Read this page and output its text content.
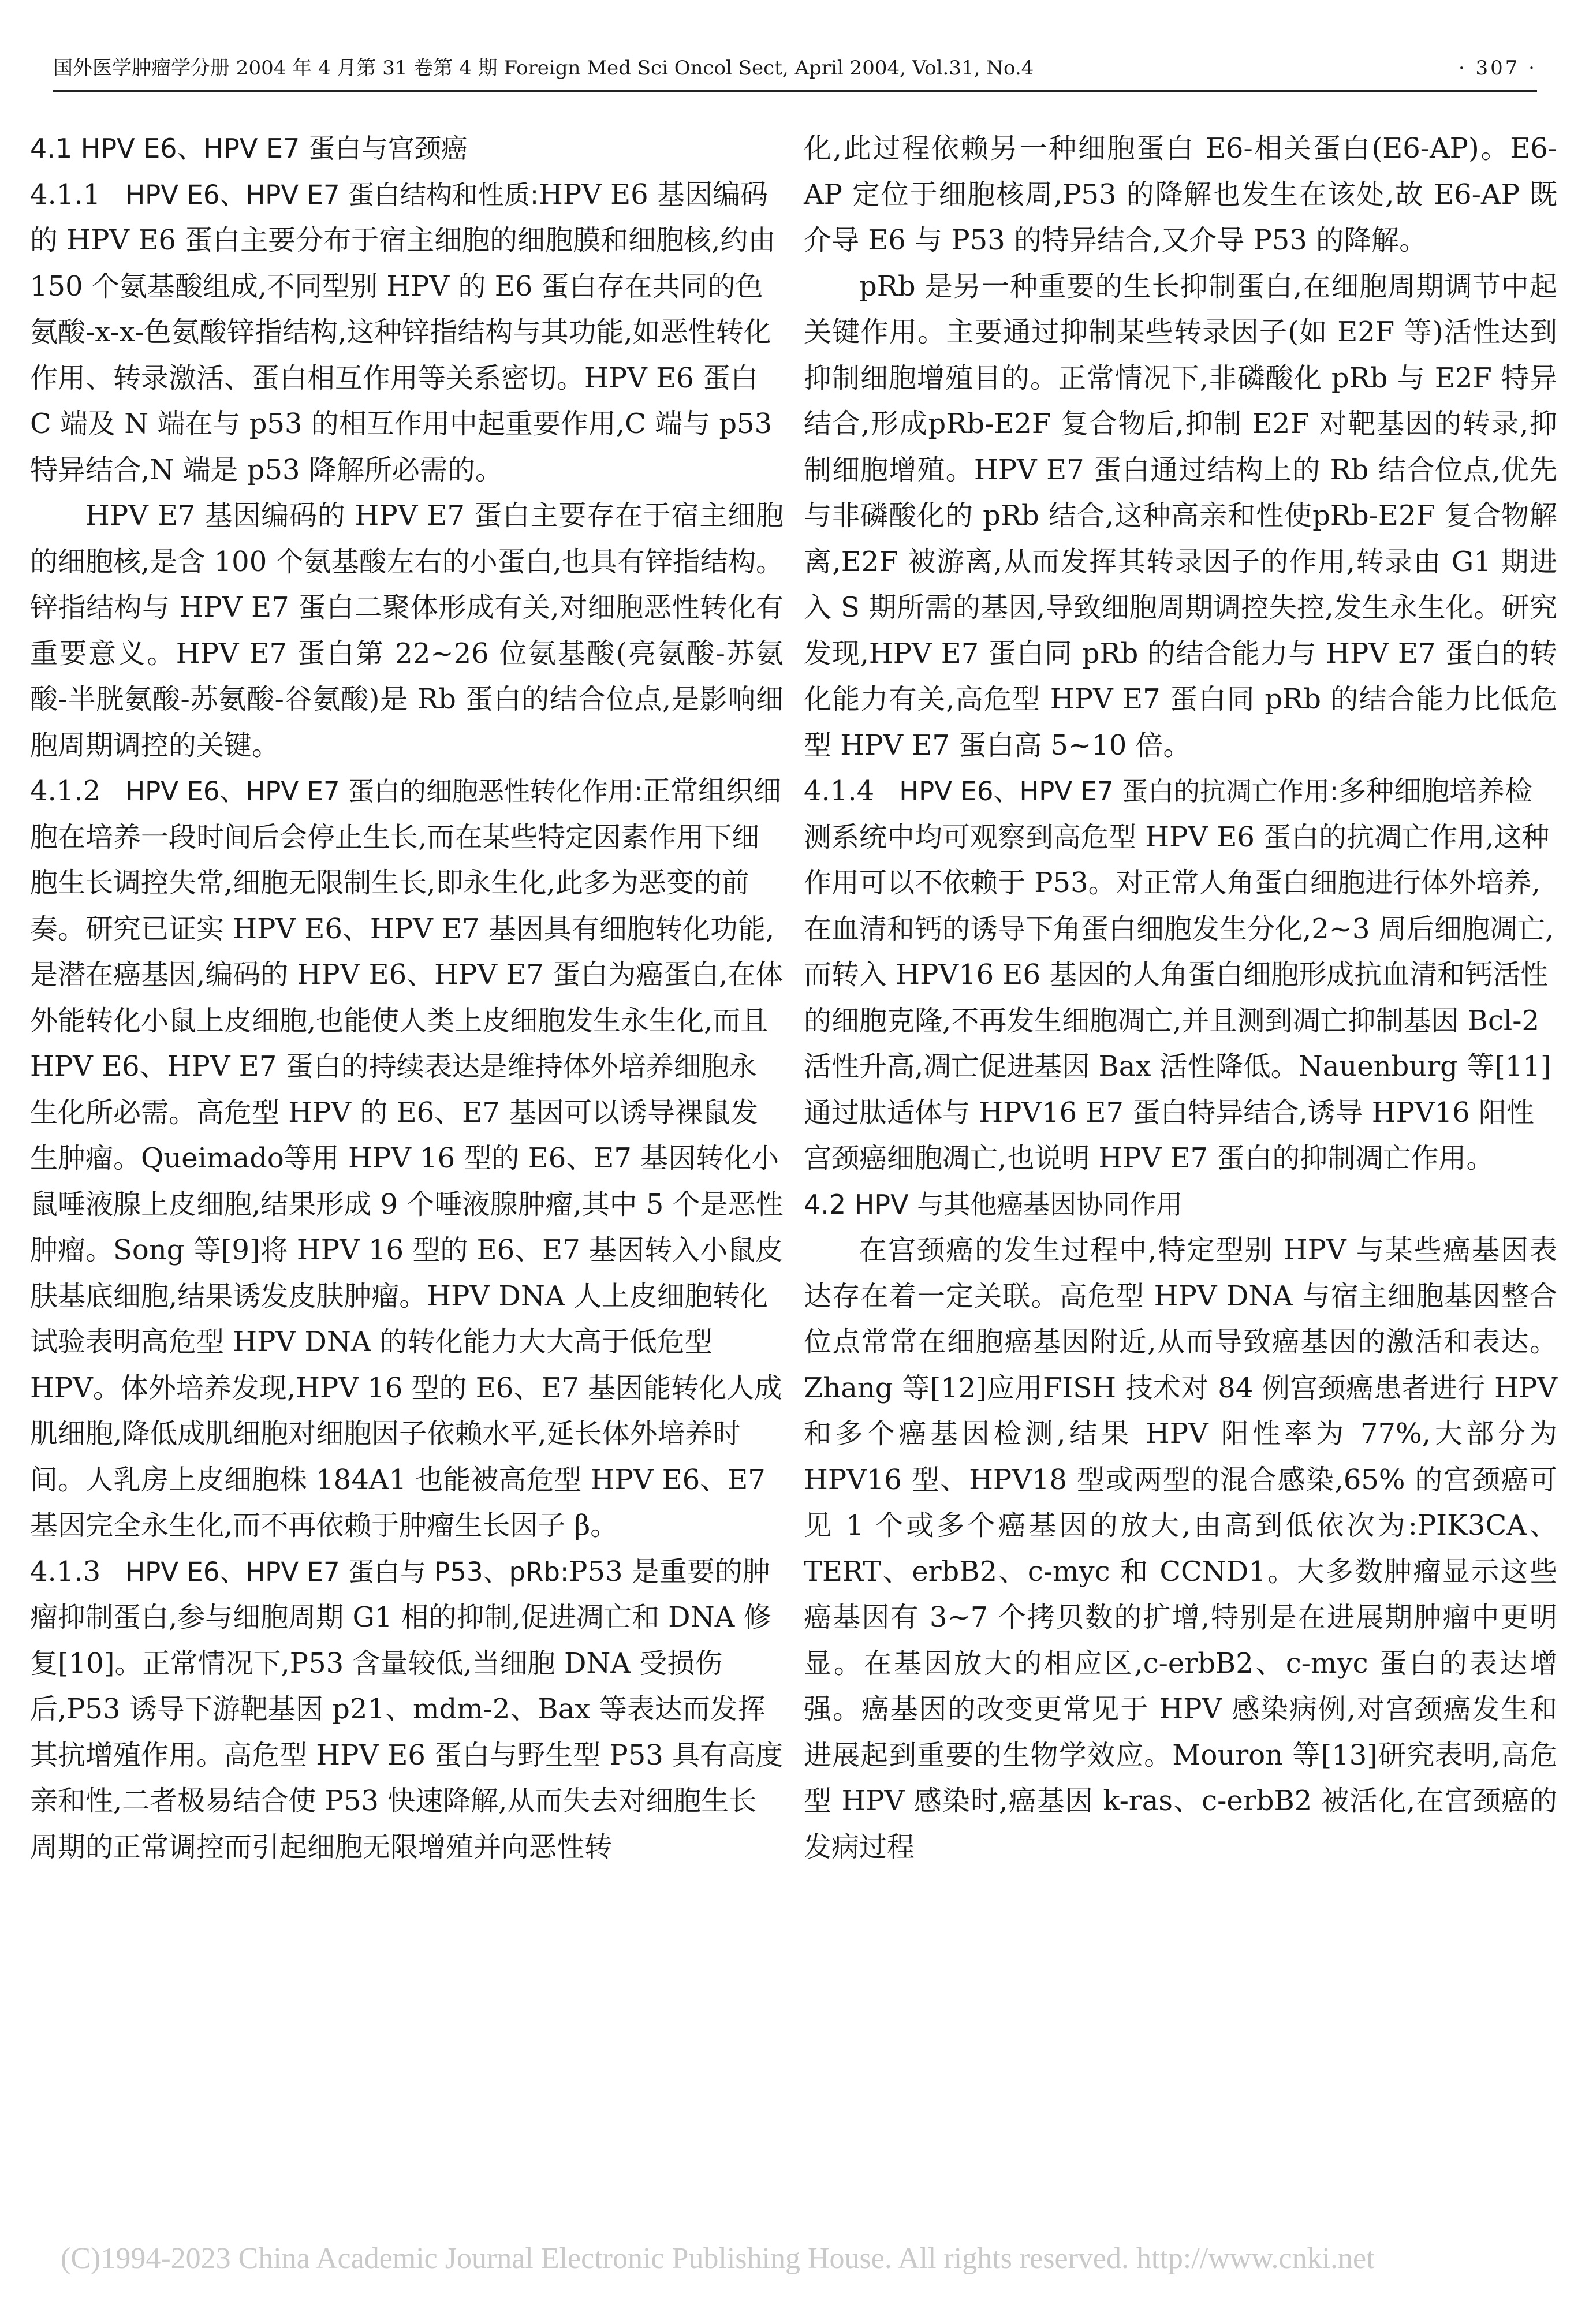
国外医学肿瘤学分册 2004 年 4 月第 31 卷第 4 期 Foreign Med Sci Oncol Sect, April 2004, Vol.31, No.4	· 307 ·
4.1 HPV E6、HPV E7 蛋白与宫颈癌

4.1.1 HPV E6、HPV E7 蛋白结构和性质:HPV E6 基因编码的 HPV E6 蛋白主要分布于宿主细胞的细胞膜和细胞核,约由 150 个氨基酸组成,不同型别 HPV 的 E6 蛋白存在共同的色氨酸-x-x-色氨酸锌指结构,这种锌指结构与其功能,如恶性转化作用、转录激活、蛋白相互作用等关系密切。HPV E6 蛋白 C 端及 N 端在与 p53 的相互作用中起重要作用,C 端与 p53 特异结合,N 端是 p53 降解所必需的。

HPV E7 基因编码的 HPV E7 蛋白主要存在于宿主细胞的细胞核,是含 100 个氨基酸左右的小蛋白,也具有锌指结构。锌指结构与 HPV E7 蛋白二聚体形成有关,对细胞恶性转化有重要意义。HPV E7 蛋白第 22~26 位氨基酸(亮氨酸-苏氨酸-半胱氨酸-苏氨酸-谷氨酸)是 Rb 蛋白的结合位点,是影响细胞周期调控的关键。

4.1.2 HPV E6、HPV E7 蛋白的细胞恶性转化作用:正常组织细胞在培养一段时间后会停止生长,而在某些特定因素作用下细胞生长调控失常,细胞无限制生长,即永生化,此多为恶变的前奏。研究已证实 HPV E6、HPV E7 基因具有细胞转化功能,是潜在癌基因,编码的 HPV E6、HPV E7 蛋白为癌蛋白,在体外能转化小鼠上皮细胞,也能使人类上皮细胞发生永生化,而且 HPV E6、HPV E7 蛋白的持续表达是维持体外培养细胞永生化所必需。高危型 HPV 的 E6、E7 基因可以诱导裸鼠发生肿瘤。Queimado等用 HPV 16 型的 E6、E7 基因转化小鼠唾液腺上皮细胞,结果形成 9 个唾液腺肿瘤,其中 5 个是恶性肿瘤。Song 等[9]将 HPV 16 型的 E6、E7 基因转入小鼠皮肤基底细胞,结果诱发皮肤肿瘤。HPV DNA 人上皮细胞转化试验表明高危型 HPV DNA 的转化能力大大高于低危型 HPV。体外培养发现,HPV 16 型的 E6、E7 基因能转化人成肌细胞,降低成肌细胞对细胞因子依赖水平,延长体外培养时间。人乳房上皮细胞株 184A1 也能被高危型 HPV E6、E7 基因完全永生化,而不再依赖于肿瘤生长因子 β。

4.1.3 HPV E6、HPV E7 蛋白与 P53、pRb:P53 是重要的肿瘤抑制蛋白,参与细胞周期 G1 相的抑制,促进凋亡和 DNA 修复[10]。正常情况下,P53 含量较低,当细胞 DNA 受损伤后,P53 诱导下游靶基因 p21、mdm-2、Bax 等表达而发挥其抗增殖作用。高危型 HPV E6 蛋白与野生型 P53 具有高度亲和性,二者极易结合使 P53 快速降解,从而失去对细胞生长周期的正常调控而引起细胞无限增殖并向恶性转

化,此过程依赖另一种细胞蛋白 E6-相关蛋白(E6-AP)。E6-AP 定位于细胞核周,P53 的降解也发生在该处,故 E6-AP 既介导 E6 与 P53 的特异结合,又介导 P53 的降解。

pRb 是另一种重要的生长抑制蛋白,在细胞周期调节中起关键作用。主要通过抑制某些转录因子(如 E2F 等)活性达到抑制细胞增殖目的。正常情况下,非磷酸化 pRb 与 E2F 特异结合,形成pRb-E2F 复合物后,抑制 E2F 对靶基因的转录,抑制细胞增殖。HPV E7 蛋白通过结构上的 Rb 结合位点,优先与非磷酸化的 pRb 结合,这种高亲和性使pRb-E2F 复合物解离,E2F 被游离,从而发挥其转录因子的作用,转录由 G1 期进入 S 期所需的基因,导致细胞周期调控失控,发生永生化。研究发现,HPV E7 蛋白同 pRb 的结合能力与 HPV E7 蛋白的转化能力有关,高危型 HPV E7 蛋白同 pRb 的结合能力比低危型 HPV E7 蛋白高 5~10 倍。

4.1.4 HPV E6、HPV E7 蛋白的抗凋亡作用:多种细胞培养检测系统中均可观察到高危型 HPV E6 蛋白的抗凋亡作用,这种作用可以不依赖于 P53。对正常人角蛋白细胞进行体外培养,在血清和钙的诱导下角蛋白细胞发生分化,2~3 周后细胞凋亡,而转入 HPV16 E6 基因的人角蛋白细胞形成抗血清和钙活性的细胞克隆,不再发生细胞凋亡,并且测到凋亡抑制基因 Bcl-2 活性升高,凋亡促进基因 Bax 活性降低。Nauenburg 等[11]通过肽适体与 HPV16 E7 蛋白特异结合,诱导 HPV16 阳性宫颈癌细胞凋亡,也说明 HPV E7 蛋白的抑制凋亡作用。

4.2 HPV 与其他癌基因协同作用

在宫颈癌的发生过程中,特定型别 HPV 与某些癌基因表达存在着一定关联。高危型 HPV DNA 与宿主细胞基因整合位点常常在细胞癌基因附近,从而导致癌基因的激活和表达。Zhang 等[12]应用FISH 技术对 84 例宫颈癌患者进行 HPV 和多个癌基因检测,结果 HPV 阳性率为 77%,大部分为 HPV16 型、HPV18 型或两型的混合感染,65% 的宫颈癌可见 1 个或多个癌基因的放大,由高到低依次为:PIK3CA、TERT、erbB2、c-myc 和 CCND1。大多数肿瘤显示这些癌基因有 3~7 个拷贝数的扩增,特别是在进展期肿瘤中更明显。在基因放大的相应区,c-erbB2、c-myc 蛋白的表达增强。癌基因的改变更常见于 HPV 感染病例,对宫颈癌发生和进展起到重要的生物学效应。Mouron 等[13]研究表明,高危型 HPV 感染时,癌基因 k-ras、c-erbB2 被活化,在宫颈癌的发病过程

(C)1994-2023 China Academic Journal Electronic Publishing House. All rights reserved. http://www.cnki.net
